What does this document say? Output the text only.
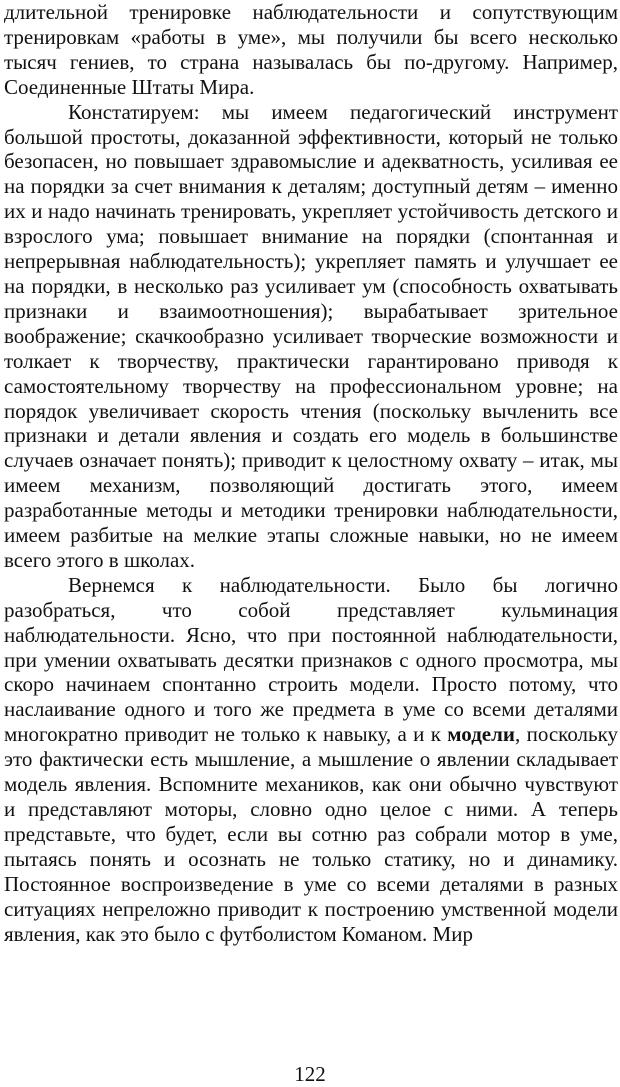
длительной тренировке наблюдательности и сопутствующим тренировкам «работы в уме», мы получили бы всего несколько тысяч гениев, то страна называлась бы по-другому. Например, Соединенные Штаты Мира.

Констатируем: мы имеем педагогический инструмент большой простоты, доказанной эффективности, который не только безопасен, но повышает здравомыслие и адекватность, усиливая ее на порядки за счет внимания к деталям; доступный детям – именно их и надо начинать тренировать, укрепляет устойчивость детского и взрослого ума; повышает внимание на порядки (спонтанная и непрерывная наблюдательность); укрепляет память и улучшает ее на порядки, в несколько раз усиливает ум (способность охватывать признаки и взаимоотношения); вырабатывает зрительное воображение; скачкообразно усиливает творческие возможности и толкает к творчеству, практически гарантировано приводя к самостоятельному творчеству на профессиональном уровне; на порядок увеличивает скорость чтения (поскольку вычленить все признаки и детали явления и создать его модель в большинстве случаев означает понять); приводит к целостному охвату – итак, мы имеем механизм, позволяющий достигать этого, имеем разработанные методы и методики тренировки наблюдательности, имеем разбитые на мелкие этапы сложные навыки, но не имеем всего этого в школах.

Вернемся к наблюдательности. Было бы логично разобраться, что собой представляет кульминация наблюдательности. Ясно, что при постоянной наблюдательности, при умении охватывать десятки признаков с одного просмотра, мы скоро начинаем спонтанно строить модели. Просто потому, что наслаивание одного и того же предмета в уме со всеми деталями многократно приводит не только к навыку, а и к модели, поскольку это фактически есть мышление, а мышление о явлении складывает модель явления. Вспомните механиков, как они обычно чувствуют и представляют моторы, словно одно целое с ними. А теперь представьте, что будет, если вы сотню раз собрали мотор в уме, пытаясь понять и осознать не только статику, но и динамику. Постоянное воспроизведение в уме со всеми деталями в разных ситуациях непреложно приводит к построению умственной модели явления, как это было с футболистом Команом. Мир

122
